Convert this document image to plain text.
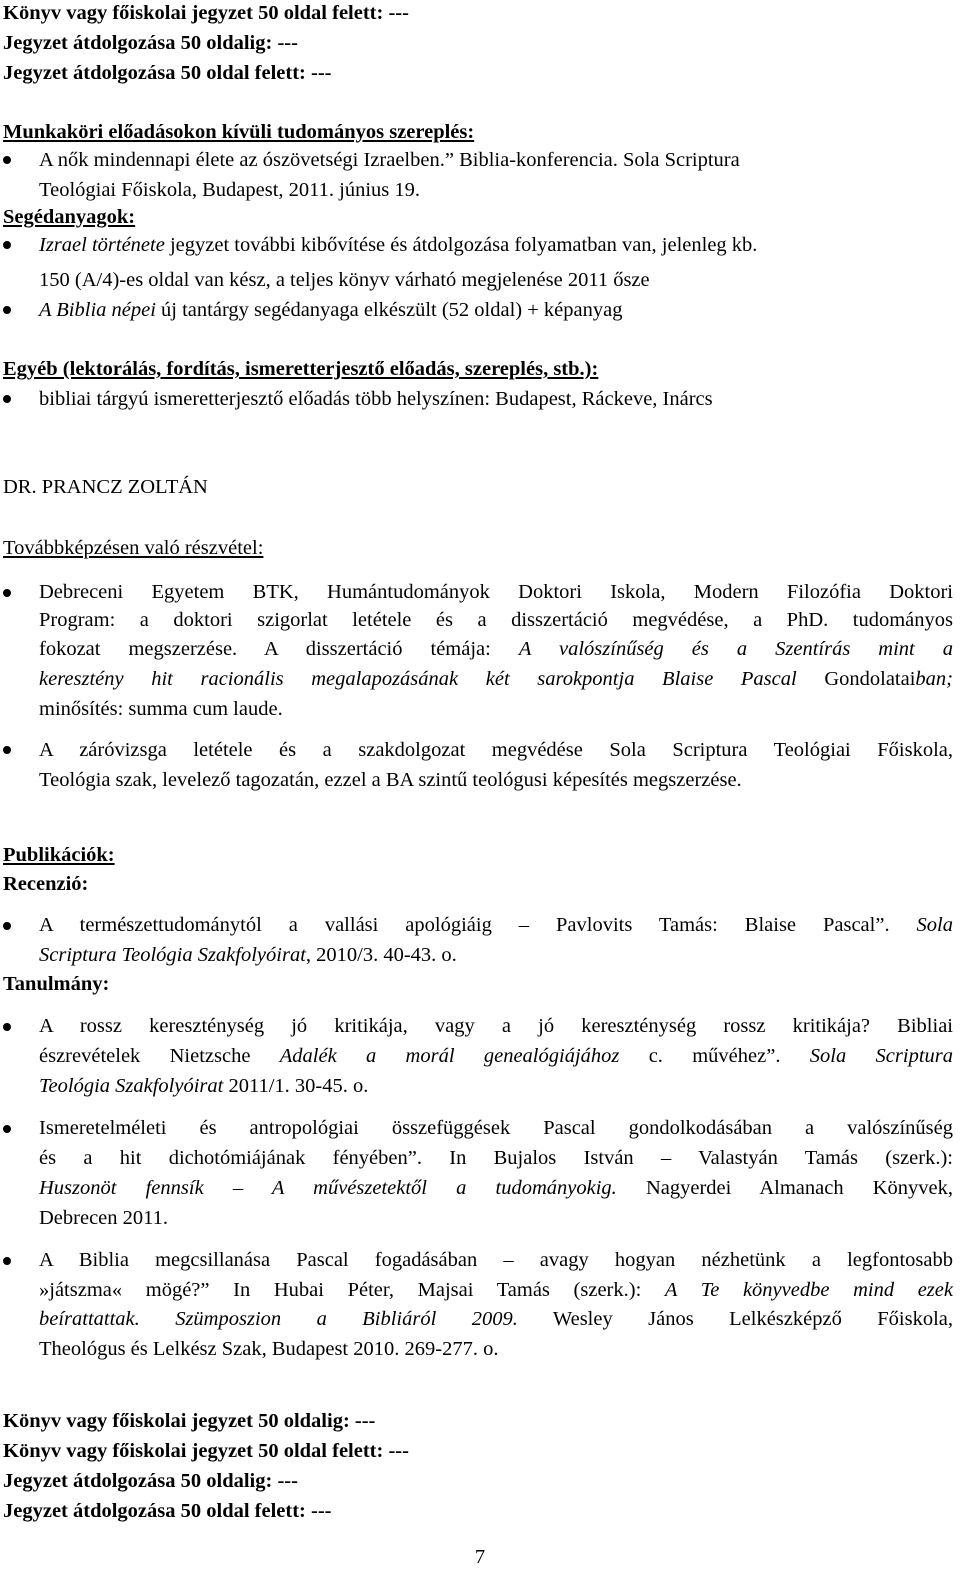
Könyv vagy főiskolai jegyzet 50 oldal felett: ---
Jegyzet átdolgozása 50 oldalig: ---
Jegyzet átdolgozása 50 oldal felett: ---
Munkaköri előadásokon kívüli tudományos szereplés:
A nők mindennapi élete az ószövetségi Izraelben.” Biblia-konferencia. Sola Scriptura
Teológiai Főiskola, Budapest, 2011. június 19.
Segédanyagok:
Izrael története jegyzet további kibővítése és átdolgozása folyamatban van, jelenleg kb.
150 (A/4)-es oldal van kész, a teljes könyv várható megjelenése 2011 ősze
A Biblia népei új tantárgy segédanyaga elkészült (52 oldal) + képanyag
Egyéb (lektorálás, fordítás, ismeretterjesztő előadás, szereplés, stb.):
bibliai tárgyú ismeretterjesztő előadás több helyszínen: Budapest, Ráckeve, Inárcs
DR. PRANCZ ZOLTÁN
Továbbképzésen való részvétel:
Debreceni Egyetem BTK, Humántudományok Doktori Iskola, Modern Filozófia Doktori
Program: a doktori szigorlat letétele és a disszertáció megvédése, a PhD. tudományos
fokozat megszerzése. A disszertáció témája: A valószínűség és a Szentírás mint a
keresztény hit racionális megalapozásának két sarokpontja Blaise Pascal Gondolataiban;
minősítés: summa cum laude.
A záróvizsga letétele és a szakdolgozat megvédése Sola Scriptura Teológiai Főiskola,
Teológia szak, levelező tagozatán, ezzel a BA szintű teológusi képesítés megszerzése.
Publikációk:
Recenzió:
A természettudománytól a vallási apológiáig – Pavlovits Tamás: Blaise Pascal”. Sola
Scriptura Teológia Szakfolyóirat, 2010/3. 40-43. o.
Tanulmány:
A rossz kereszténység jó kritikája, vagy a jó kereszténység rossz kritikája? Bibliai
észrevételek Nietzsche Adalék a morál genealógiájához c. művéhez”. Sola Scriptura
Teológia Szakfolyóirat 2011/1. 30-45. o.
Ismeretelméleti és antropológiai összefüggések Pascal gondolkodásában a valószínűség
és a hit dichotómiájának fényében”. In Bujalos István – Valastyán Tamás (szerk.):
Huszonöt fennsík – A művészetektől a tudományokig. Nagyerdei Almanach Könyvek,
Debrecen 2011.
A Biblia megcsillanása Pascal fogadásában – avagy hogyan nézhetünk a legfontosabb
»játszma« mögé?” In Hubai Péter, Majsai Tamás (szerk.): A Te könyvedbe mind ezek
beírattattak. Szümposzion a Bibliáról 2009. Wesley János Lelkészképző Főiskola,
Theológus és Lelkész Szak, Budapest 2010. 269-277. o.
Könyv vagy főiskolai jegyzet 50 oldalig: ---
Könyv vagy főiskolai jegyzet 50 oldal felett: ---
Jegyzet átdolgozása 50 oldalig: ---
Jegyzet átdolgozása 50 oldal felett: ---
7
